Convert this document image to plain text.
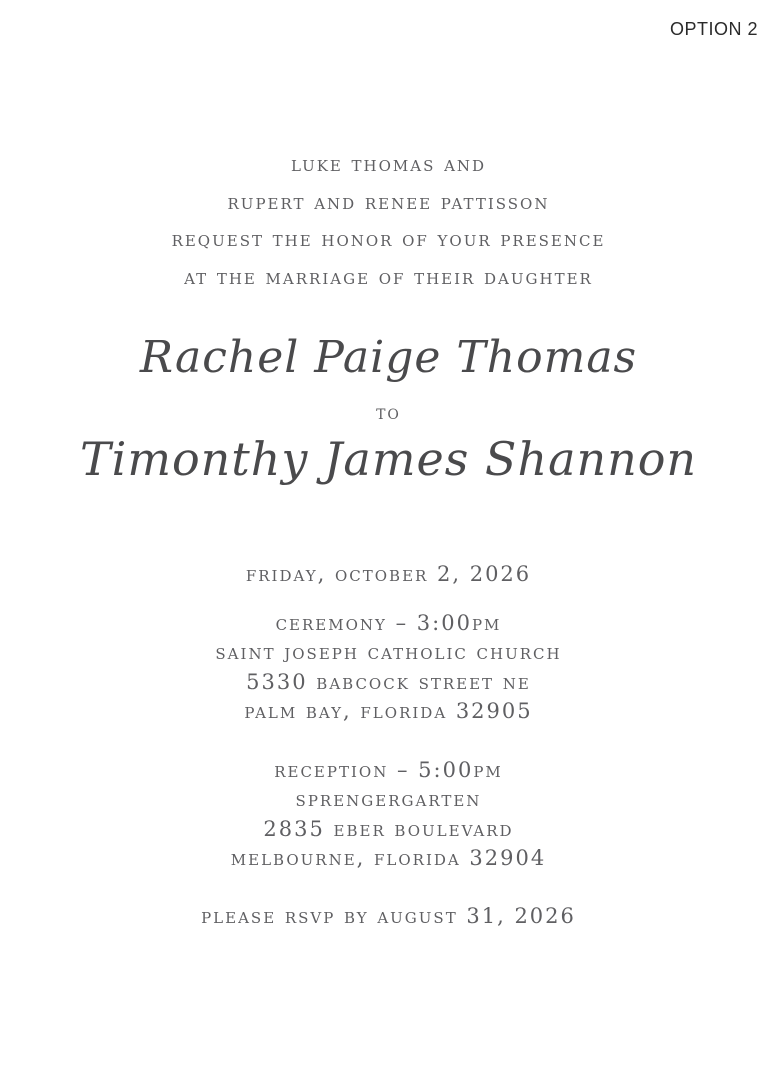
OPTION 2
luke thomas and
rupert and renee pattisson
request the honor of your presence
at the marriage of their daughter
Rachel Paige Thomas
to
Timonthy James Shannon
friday, october 2, 2026
ceremony – 3:00pm
saint joseph catholic church
5330 babcock street ne
palm bay, florida 32905
reception – 5:00pm
sprengergarten
2835 eber boulevard
melbourne, florida 32904
please rsvp by august 31, 2026
